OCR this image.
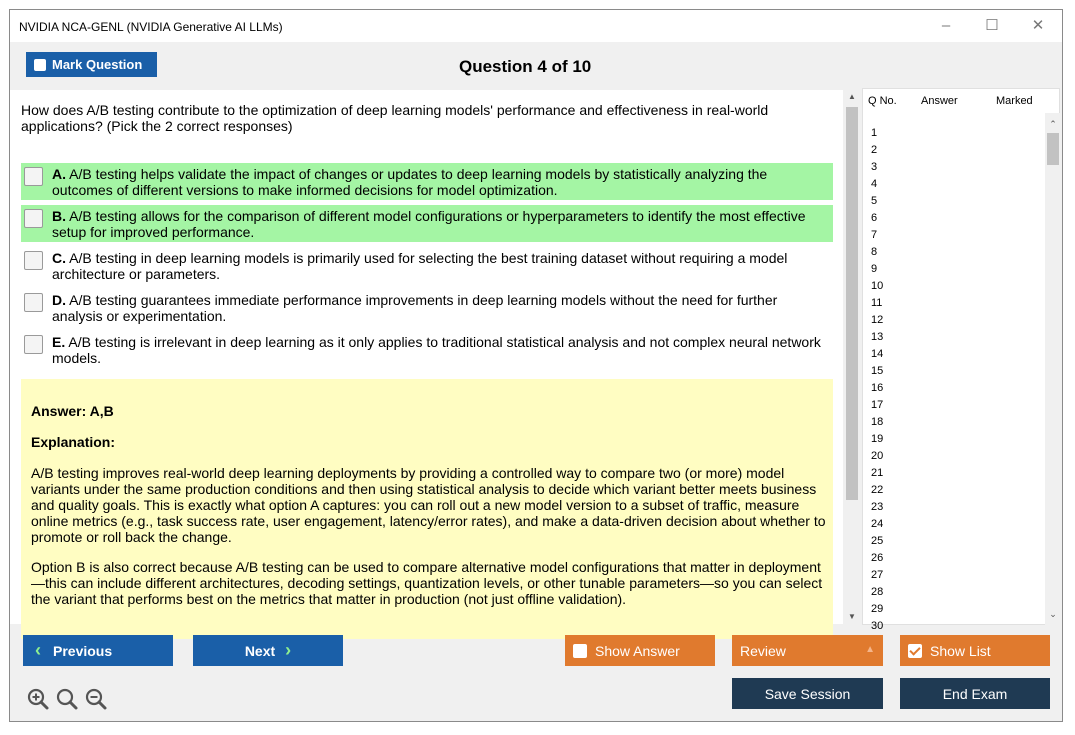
NVIDIA NCA-GENL (NVIDIA Generative AI LLMs)	–	☐	✕
Mark Question	Question 4 of 10
How does A/B testing contribute to the optimization of deep learning models' performance and effectiveness in real-world applications? (Pick the 2 correct responses)
A. A/B testing helps validate the impact of changes or updates to deep learning models by statistically analyzing the outcomes of different versions to make informed decisions for model optimization.
B. A/B testing allows for the comparison of different model configurations or hyperparameters to identify the most effective setup for improved performance.
C. A/B testing in deep learning models is primarily used for selecting the best training dataset without requiring a model architecture or parameters.
D. A/B testing guarantees immediate performance improvements in deep learning models without the need for further analysis or experimentation.
E. A/B testing is irrelevant in deep learning as it only applies to traditional statistical analysis and not complex neural network models.
Answer: A,B
Explanation:
A/B testing improves real-world deep learning deployments by providing a controlled way to compare two (or more) model variants under the same production conditions and then using statistical analysis to decide which variant better meets business and quality goals. This is exactly what option A captures: you can roll out a new model version to a subset of traffic, measure online metrics (e.g., task success rate, user engagement, latency/error rates), and make a data-driven decision about whether to promote or roll back the change.
Option B is also correct because A/B testing can be used to compare alternative model configurations that matter in deployment—this can include different architectures, decoding settings, quantization levels, or other tunable parameters—so you can select the variant that performs best on the metrics that matter in production (not just offline validation).
▲
▼
Q No. Answer	Marked
1
2
3
4
5
6
7
8
9
10
11
12
13
14
15
16
17
18
19
20
21
22
23
24
25
26
27
28
29
30
⌃
⌄
‹ Previous	Next ›	Show Answer	Review	▲	Show List
Save Session	End Exam
